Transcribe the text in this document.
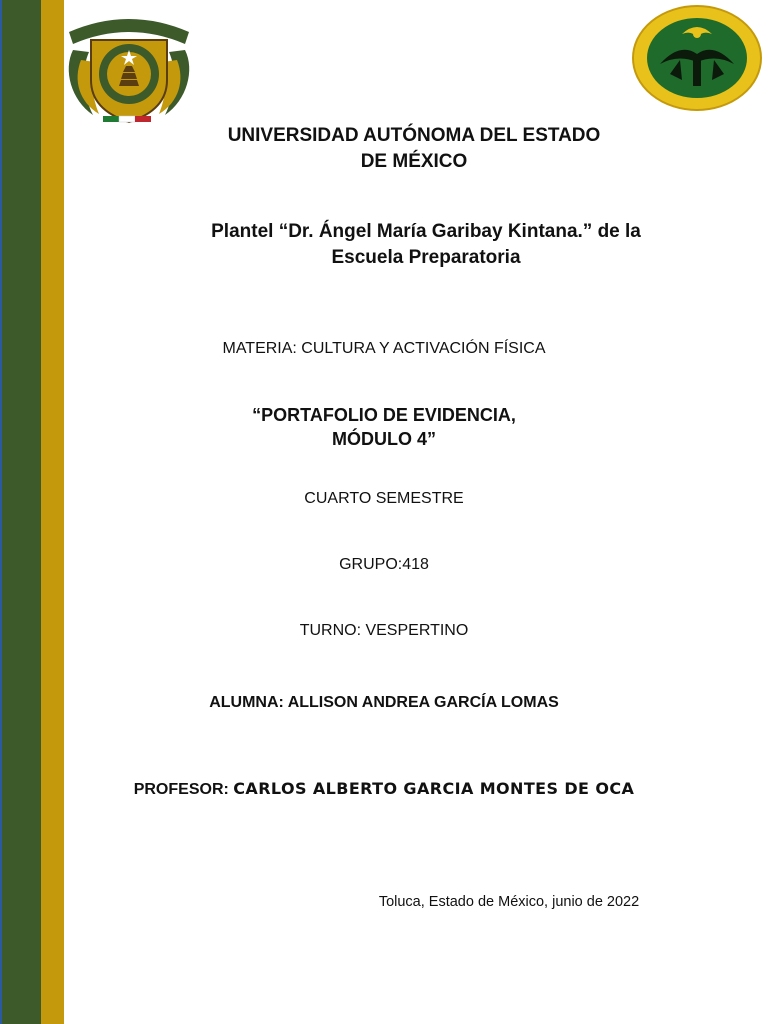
UNIVERSIDAD AUTÓNOMA DEL ESTADO
DE MÉXICO

Plantel “Dr. Ángel María Garibay Kintana.” de la
Escuela Preparatoria

MATERIA: CULTURA Y ACTIVACIÓN FÍSICA

“PORTAFOLIO DE EVIDENCIA,
MÓDULO 4”

CUARTO SEMESTRE

GRUPO:418

TURNO: VESPERTINO

ALUMNA: ALLISON ANDREA GARCÍA LOMAS

PROFESOR: CARLOS ALBERTO GARCIA MONTES DE OCA

Toluca, Estado de México, junio de 2022
